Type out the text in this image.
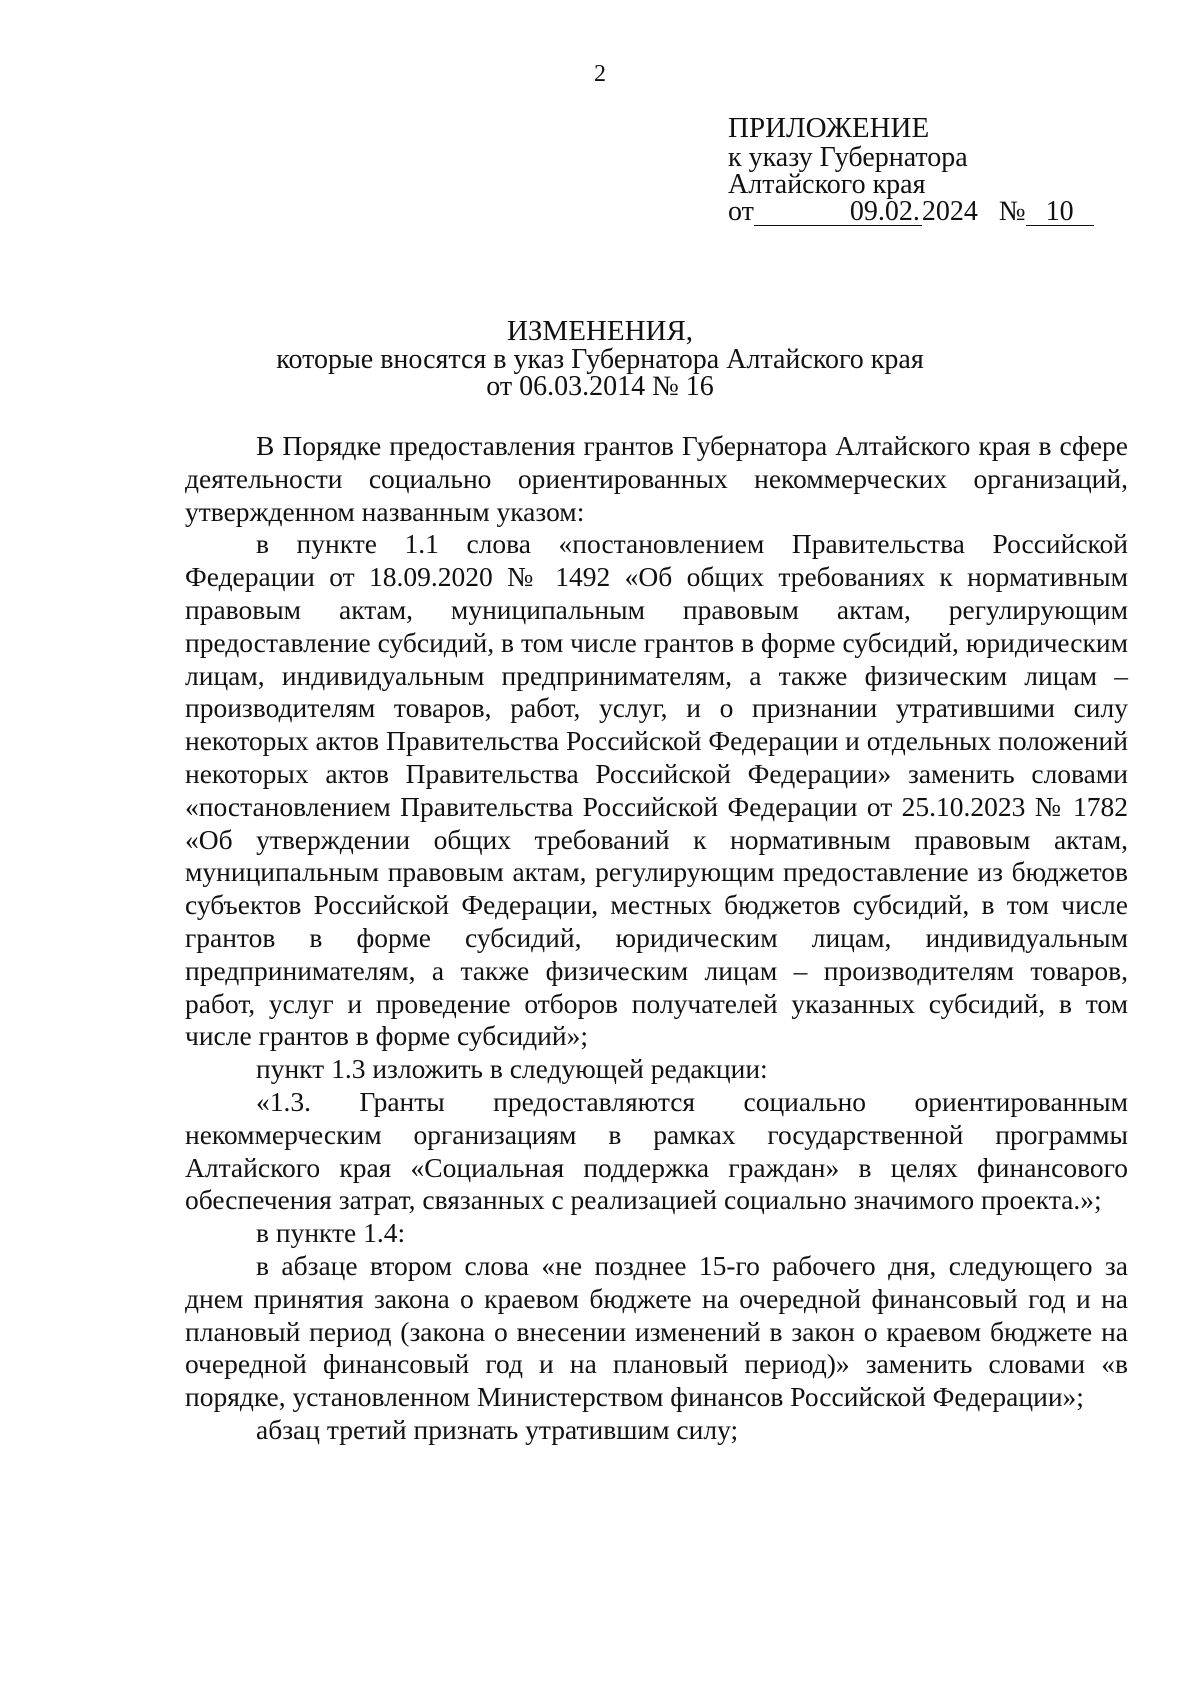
2
ПРИЛОЖЕНИЕ
к указу Губернатора
Алтайского края
от	09.02.2024 № 10
ИЗМЕНЕНИЯ,
которые вносятся в указ Губернатора Алтайского края
от 06.03.2014 № 16

В Порядке предоставления грантов Губернатора Алтайского края в сфере деятельности социально ориентированных некоммерческих организаций, утвержденном названным указом:

в пункте 1.1 слова «постановлением Правительства Российской Федерации от 18.09.2020 № 1492 «Об общих требованиях к нормативным правовым актам, муниципальным правовым актам, регулирующим предоставление субсидий, в том числе грантов в форме субсидий, юридическим лицам, индивидуальным предпринимателям, а также физическим лицам – производителям товаров, работ, услуг, и о признании утратившими силу некоторых актов Правительства Российской Федерации и отдельных положений некоторых актов Правительства Российской Федерации» заменить словами «постановлением Правительства Российской Федерации от 25.10.2023 № 1782 «Об утверждении общих требований к нормативным правовым актам, муниципальным правовым актам, регулирующим предоставление из бюджетов субъектов Российской Федерации, местных бюджетов субсидий, в том числе грантов в форме субсидий, юридическим лицам, индивидуальным предпринимателям, а также физическим лицам – производителям товаров, работ, услуг и проведение отборов получателей указанных субсидий, в том числе грантов в форме субсидий»;

пункт 1.3 изложить в следующей редакции:

«1.3. Гранты предоставляются социально ориентированным некоммерческим организациям в рамках государственной программы Алтайского края «Социальная поддержка граждан» в целях финансового обеспечения затрат, связанных с реализацией социально значимого проекта.»;

в пункте 1.4:

в абзаце втором слова «не позднее 15-го рабочего дня, следующего за днем принятия закона о краевом бюджете на очередной финансовый год и на плановый период (закона о внесении изменений в закон о краевом бюджете на очередной финансовый год и на плановый период)» заменить словами «в порядке, установленном Министерством финансов Российской Федерации»;

абзац третий признать утратившим силу;
